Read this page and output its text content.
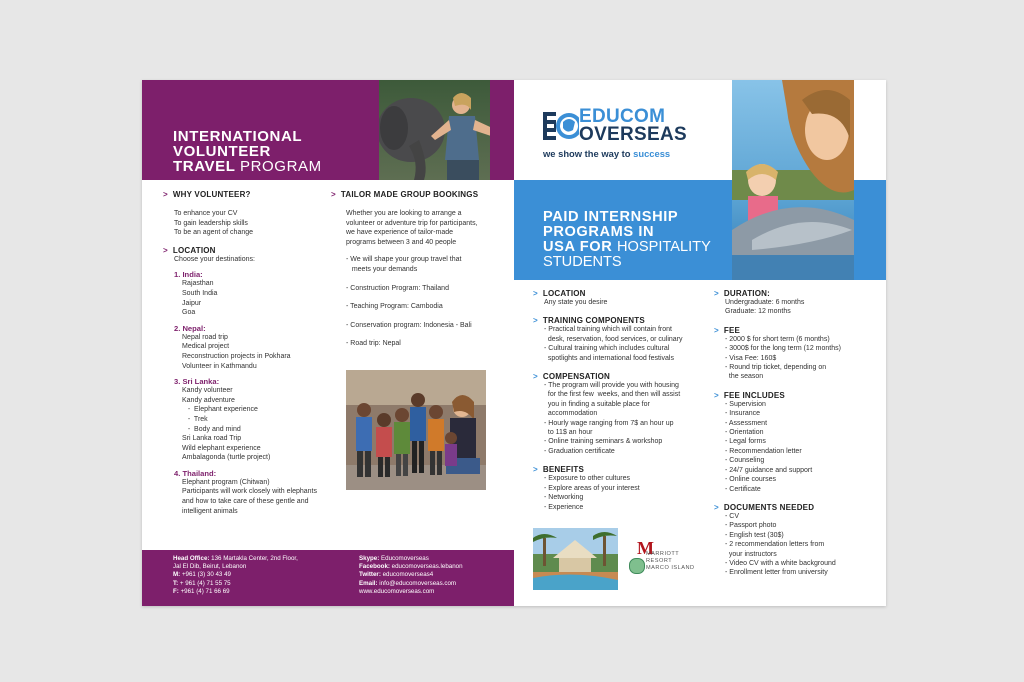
INTERNATIONAL
VOLUNTEER
TRAVEL PROGRAM
> WHY VOLUNTEER?
To enhance your CV
To gain leadership skills
To be an agent of change
> LOCATION
Choose your destinations:
1. India:
Rajasthan
South India
Jaipur
Goa
2. Nepal:
Nepal road trip
Medical project
Reconstruction projects in Pokhara
Volunteer in Kathmandu
3. Sri Lanka:
Kandy volunteer
Kandy adventure
-  Elephant experience
-  Trek
-  Body and mind
Sri Lanka road Trip
Wild elephant experience
Ambalagonda (turtle project)
4. Thailand:
Elephant program (Chitwan)
Participants will work closely with elephants
and how to take care of these gentle and
intelligent animals
> TAILOR MADE GROUP BOOKINGS
Whether you are looking to arrange a
volunteer or adventure trip for participants,
we have experience of tailor-made
programs between 3 and 40 people
- We will shape your group travel that
meets your demands
- Construction Program: Thailand
- Teaching Program: Cambodia
- Conservation program: Indonesia - Bali
- Road trip: Nepal
Head Office: 136 Martakla Center, 2nd Floor,
Jal El Dib, Beirut, Lebanon
M: +961 (3) 30 43 49
T: + 961 (4) 71 55 75
F: +961 (4) 71 66 69
Skype: Educomoverseas
Facebook: educomoverseas.lebanon
Twitter: educomoverseas4
Email: info@educomoverseas.com
www.educomoverseas.com
EDUCOM
OVERSEAS
we show the way to success
PAID INTERNSHIP
PROGRAMS IN
USA FOR HOSPITALITY
STUDENTS
> LOCATION
Any state you desire
> TRAINING COMPONENTS
- Practical training which will contain front
desk, reservation, food services, or culinary
- Cultural training which includes cultural
spotlights and international food festivals
> COMPENSATION
- The program will provide you with housing
for the first few  weeks, and then will assist
you in finding a suitable place for
accommodation
- Hourly wage ranging from 7$ an hour up
to 11$ an hour
- Online training seminars & workshop
- Graduation certificate
> BENEFITS
- Exposure to other cultures
- Explore areas of your interest
- Networking
- Experience
> DURATION:
Undergraduate: 6 months
Graduate: 12 months
> FEE
- 2000 $ for short term (6 months)
- 3000$ for the long term (12 months)
- Visa Fee: 160$
- Round trip ticket, depending on
the season
> FEE INCLUDES
- Supervision
- Insurance
- Assessment
- Orientation
- Legal forms
- Recommendation letter
- Counseling
- 24/7 guidance and support
- Online courses
- Certificate
> DOCUMENTS NEEDED
- CV
- Passport photo
- English test (30$)
- 2 recommendation letters from
your instructors
- Video CV with a white background
- Enrollment letter from university
M
MARRIOTT
RESORT
MARCO ISLAND
